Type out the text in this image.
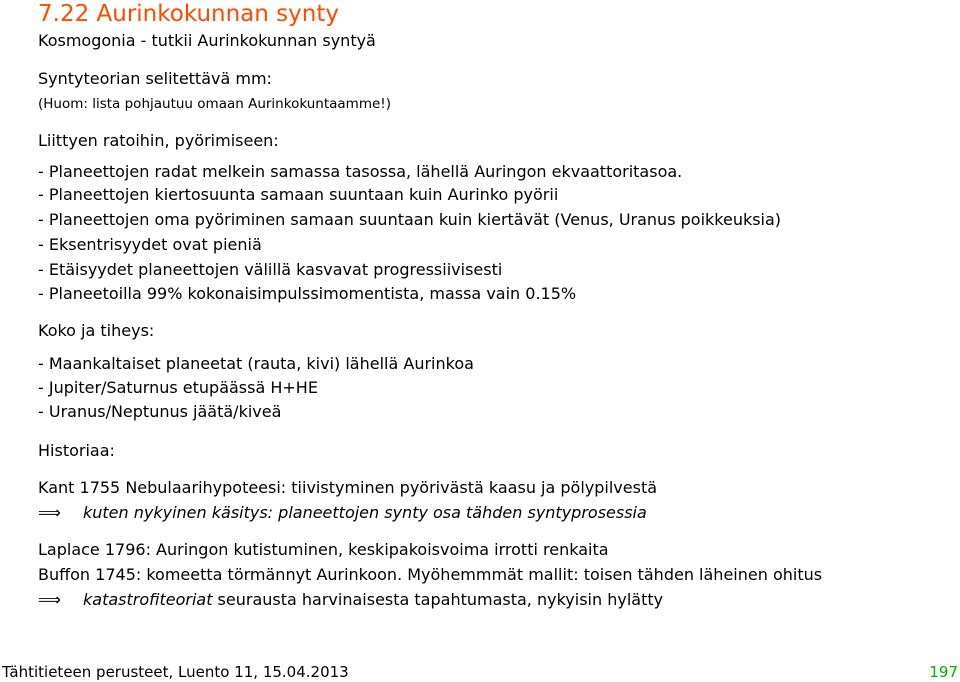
7.22 Aurinkokunnan synty
Kosmogonia - tutkii Aurinkokunnan syntyä
Syntyteorian selitettävä mm:
(Huom: lista pohjautuu omaan Aurinkokuntaamme!)
Liittyen ratoihin, pyörimiseen:
- Planeettojen radat melkein samassa tasossa, lähellä Auringon ekvaattoritasoa.
- Planeettojen kiertosuunta samaan suuntaan kuin Aurinko pyörii
- Planeettojen oma pyöriminen samaan suuntaan kuin kiertävät (Venus, Uranus poikkeuksia)
- Eksentrisyydet ovat pieniä
- Etäisyydet planeettojen välillä kasvavat progressiivisesti
- Planeetoilla 99% kokonaisimpulssimomentista, massa vain 0.15%
Koko ja tiheys:
- Maankaltaiset planeetat (rauta, kivi) lähellä Aurinkoa
- Jupiter/Saturnus etupäässä H+HE
- Uranus/Neptunus jäätä/kiveä
Historiaa:
Kant 1755 Nebulaarihypoteesi: tiivistyminen pyörivästä kaasu ja pölypilvestä
⟹ kuten nykyinen käsitys: planeettojen synty osa tähden syntyprosessia
Laplace 1796: Auringon kutistuminen, keskipakoisvoima irrotti renkaita
Buffon 1745: komeetta törmännyt Aurinkoon. Myöhemmmät mallit: toisen tähden läheinen ohitus
⟹ katastrofiteoriat seurausta harvinaisesta tapahtumasta, nykyisin hylätty
Tähtitieteen perusteet, Luento 11, 15.04.2013	197
